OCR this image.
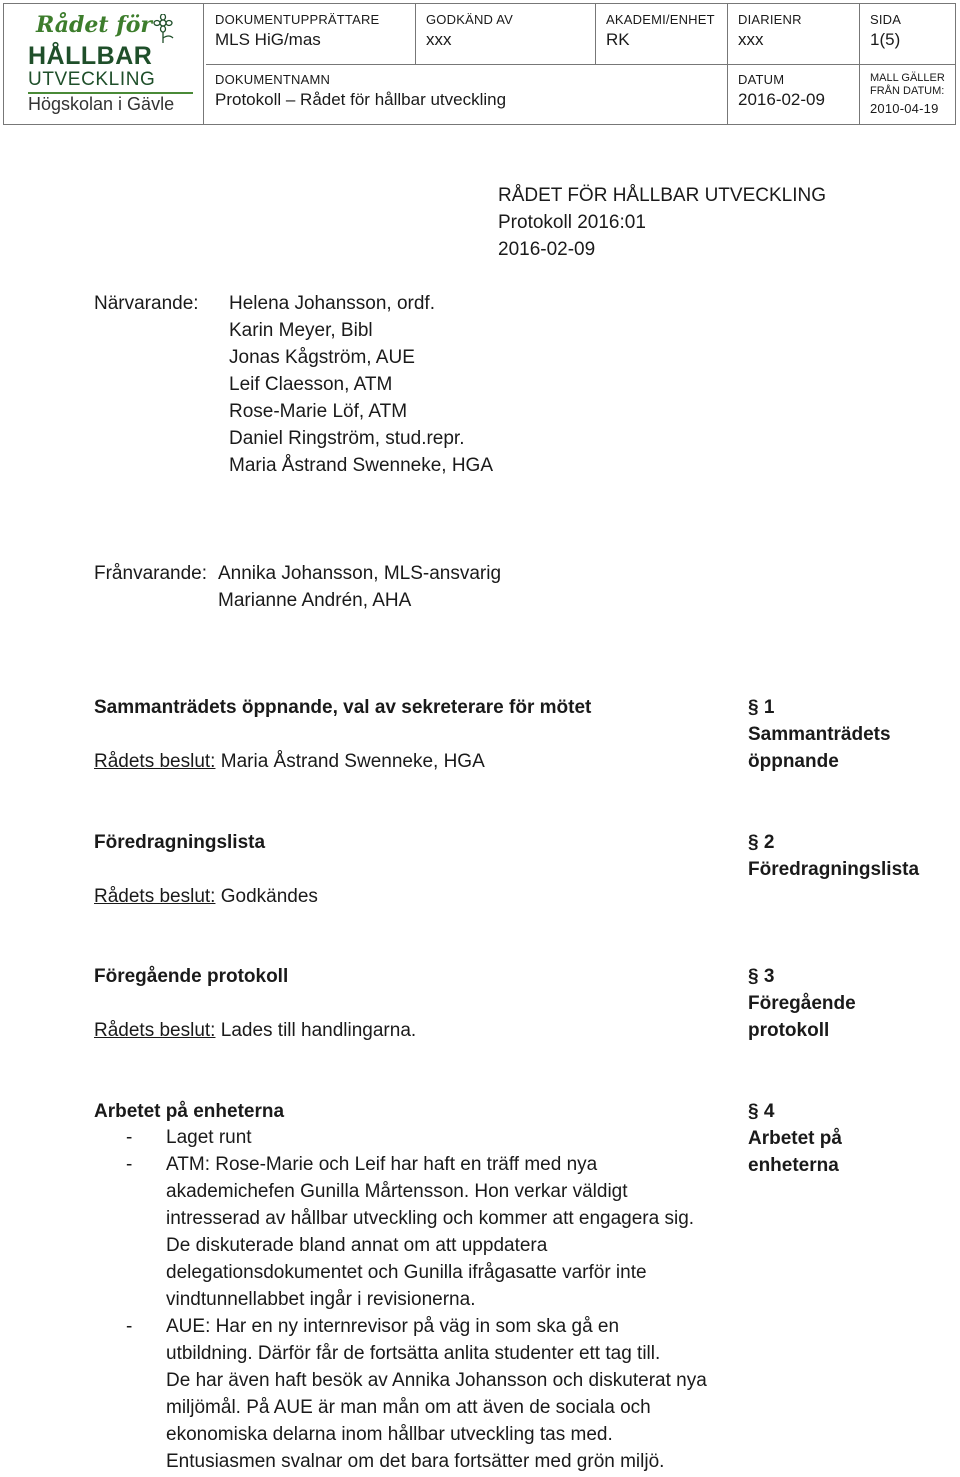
Rådet för
HÅLLBAR
UTVECKLING
Högskolan i Gävle
DOKUMENTUPPRÄTTARE
MLS HiG/mas
GODKÄND AV
xxx
AKADEMI/ENHET
RK
DIARIENR
xxx
SIDA
1(5)
DOKUMENTNAMN
Protokoll – Rådet för hållbar utveckling
DATUM
2016-02-09
MALL GÄLLER
FRÅN DATUM:
2010-04-19
RÅDET FÖR HÅLLBAR UTVECKLING
Protokoll 2016:01
2016-02-09
Närvarande: Helena Johansson, ordf.
Karin Meyer, Bibl
Jonas Kågström, AUE
Leif Claesson, ATM
Rose-Marie Löf, ATM
Daniel Ringström, stud.repr.
Maria Åstrand Swenneke, HGA
Frånvarande: Annika Johansson, MLS-ansvarig
Marianne Andrén, AHA
Sammanträdets öppnande, val av sekreterare för mötet
Rådets beslut: Maria Åstrand Swenneke, HGA
§ 1
Sammanträdets
öppnande
Föredragningslista
Rådets beslut: Godkändes
§ 2
Föredragningslista
Föregående protokoll
Rådets beslut: Lades till handlingarna.
§ 3
Föregående
protokoll
Arbetet på enheterna	§ 4
Arbetet på
enheterna
- Laget runt
- ATM: Rose-Marie och Leif har haft en träff med nya
akademichefen Gunilla Mårtensson. Hon verkar väldigt
intresserad av hållbar utveckling och kommer att engagera sig.
De diskuterade bland annat om att uppdatera
delegationsdokumentet och Gunilla ifrågasatte varför inte
vindtunnellabbet ingår i revisionerna.
- AUE: Har en ny internrevisor på väg in som ska gå en
utbildning. Därför får de fortsätta anlita studenter ett tag till.
De har även haft besök av Annika Johansson och diskuterat nya
miljömål. På AUE är man mån om att även de sociala och
ekonomiska delarna inom hållbar utveckling tas med.
Entusiasmen svalnar om det bara fortsätter med grön miljö.
